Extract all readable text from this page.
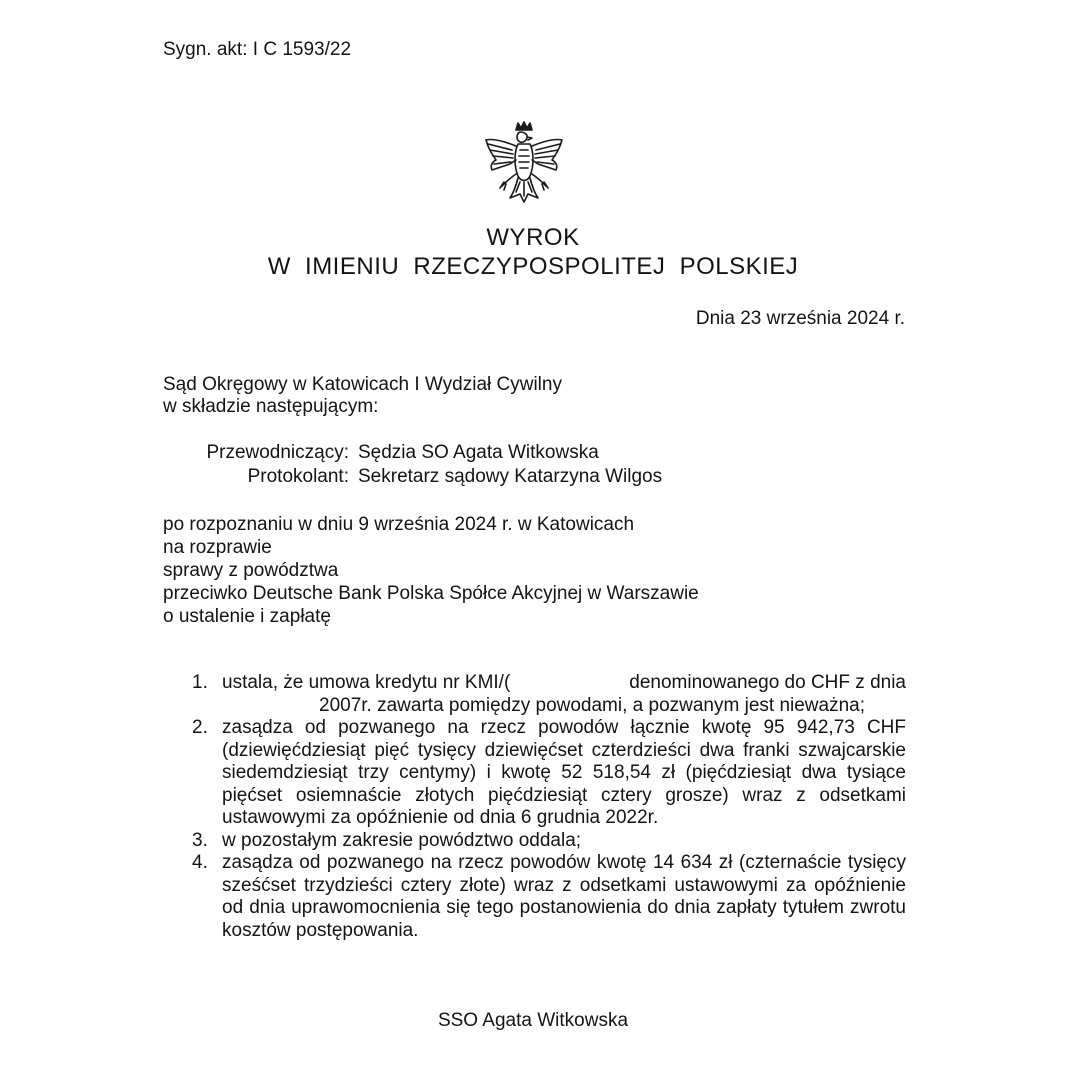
Sygn. akt: I C 1593/22
WYROK
W IMIENIU RZECZYPOSPOLITEJ POLSKIEJ
Dnia 23 września 2024 r.
Sąd Okręgowy w Katowicach I Wydział Cywilny
w składzie następującym:
Przewodniczący: Sędzia SO Agata Witkowska
Protokolant: Sekretarz sądowy Katarzyna Wilgos
po rozpoznaniu w dniu 9 września 2024 r. w Katowicach
na rozprawie
sprawy z powództwa
przeciwko Deutsche Bank Polska Spółce Akcyjnej w Warszawie
o ustalenie i zapłatę
1. ustala, że umowa kredytu nr KMI/(	denominowanego do CHF z dnia
2007r. zawarta pomiędzy powodami, a pozwanym jest nieważna;
2. zasądza od pozwanego na rzecz powodów łącznie kwotę 95 942,73 CHF (dziewięćdziesiąt pięć tysięcy dziewięćset czterdzieści dwa franki szwajcarskie siedemdziesiąt trzy centymy) i kwotę 52 518,54 zł (pięćdziesiąt dwa tysiące pięćset osiemnaście złotych pięćdziesiąt cztery grosze) wraz z odsetkami ustawowymi za opóźnienie od dnia 6 grudnia 2022r.
3. w pozostałym zakresie powództwo oddala;
4. zasądza od pozwanego na rzecz powodów kwotę 14 634 zł (czternaście tysięcy sześćset trzydzieści cztery złote) wraz z odsetkami ustawowymi za opóźnienie od dnia uprawomocnienia się tego postanowienia do dnia zapłaty tytułem zwrotu kosztów postępowania.
SSO Agata Witkowska
